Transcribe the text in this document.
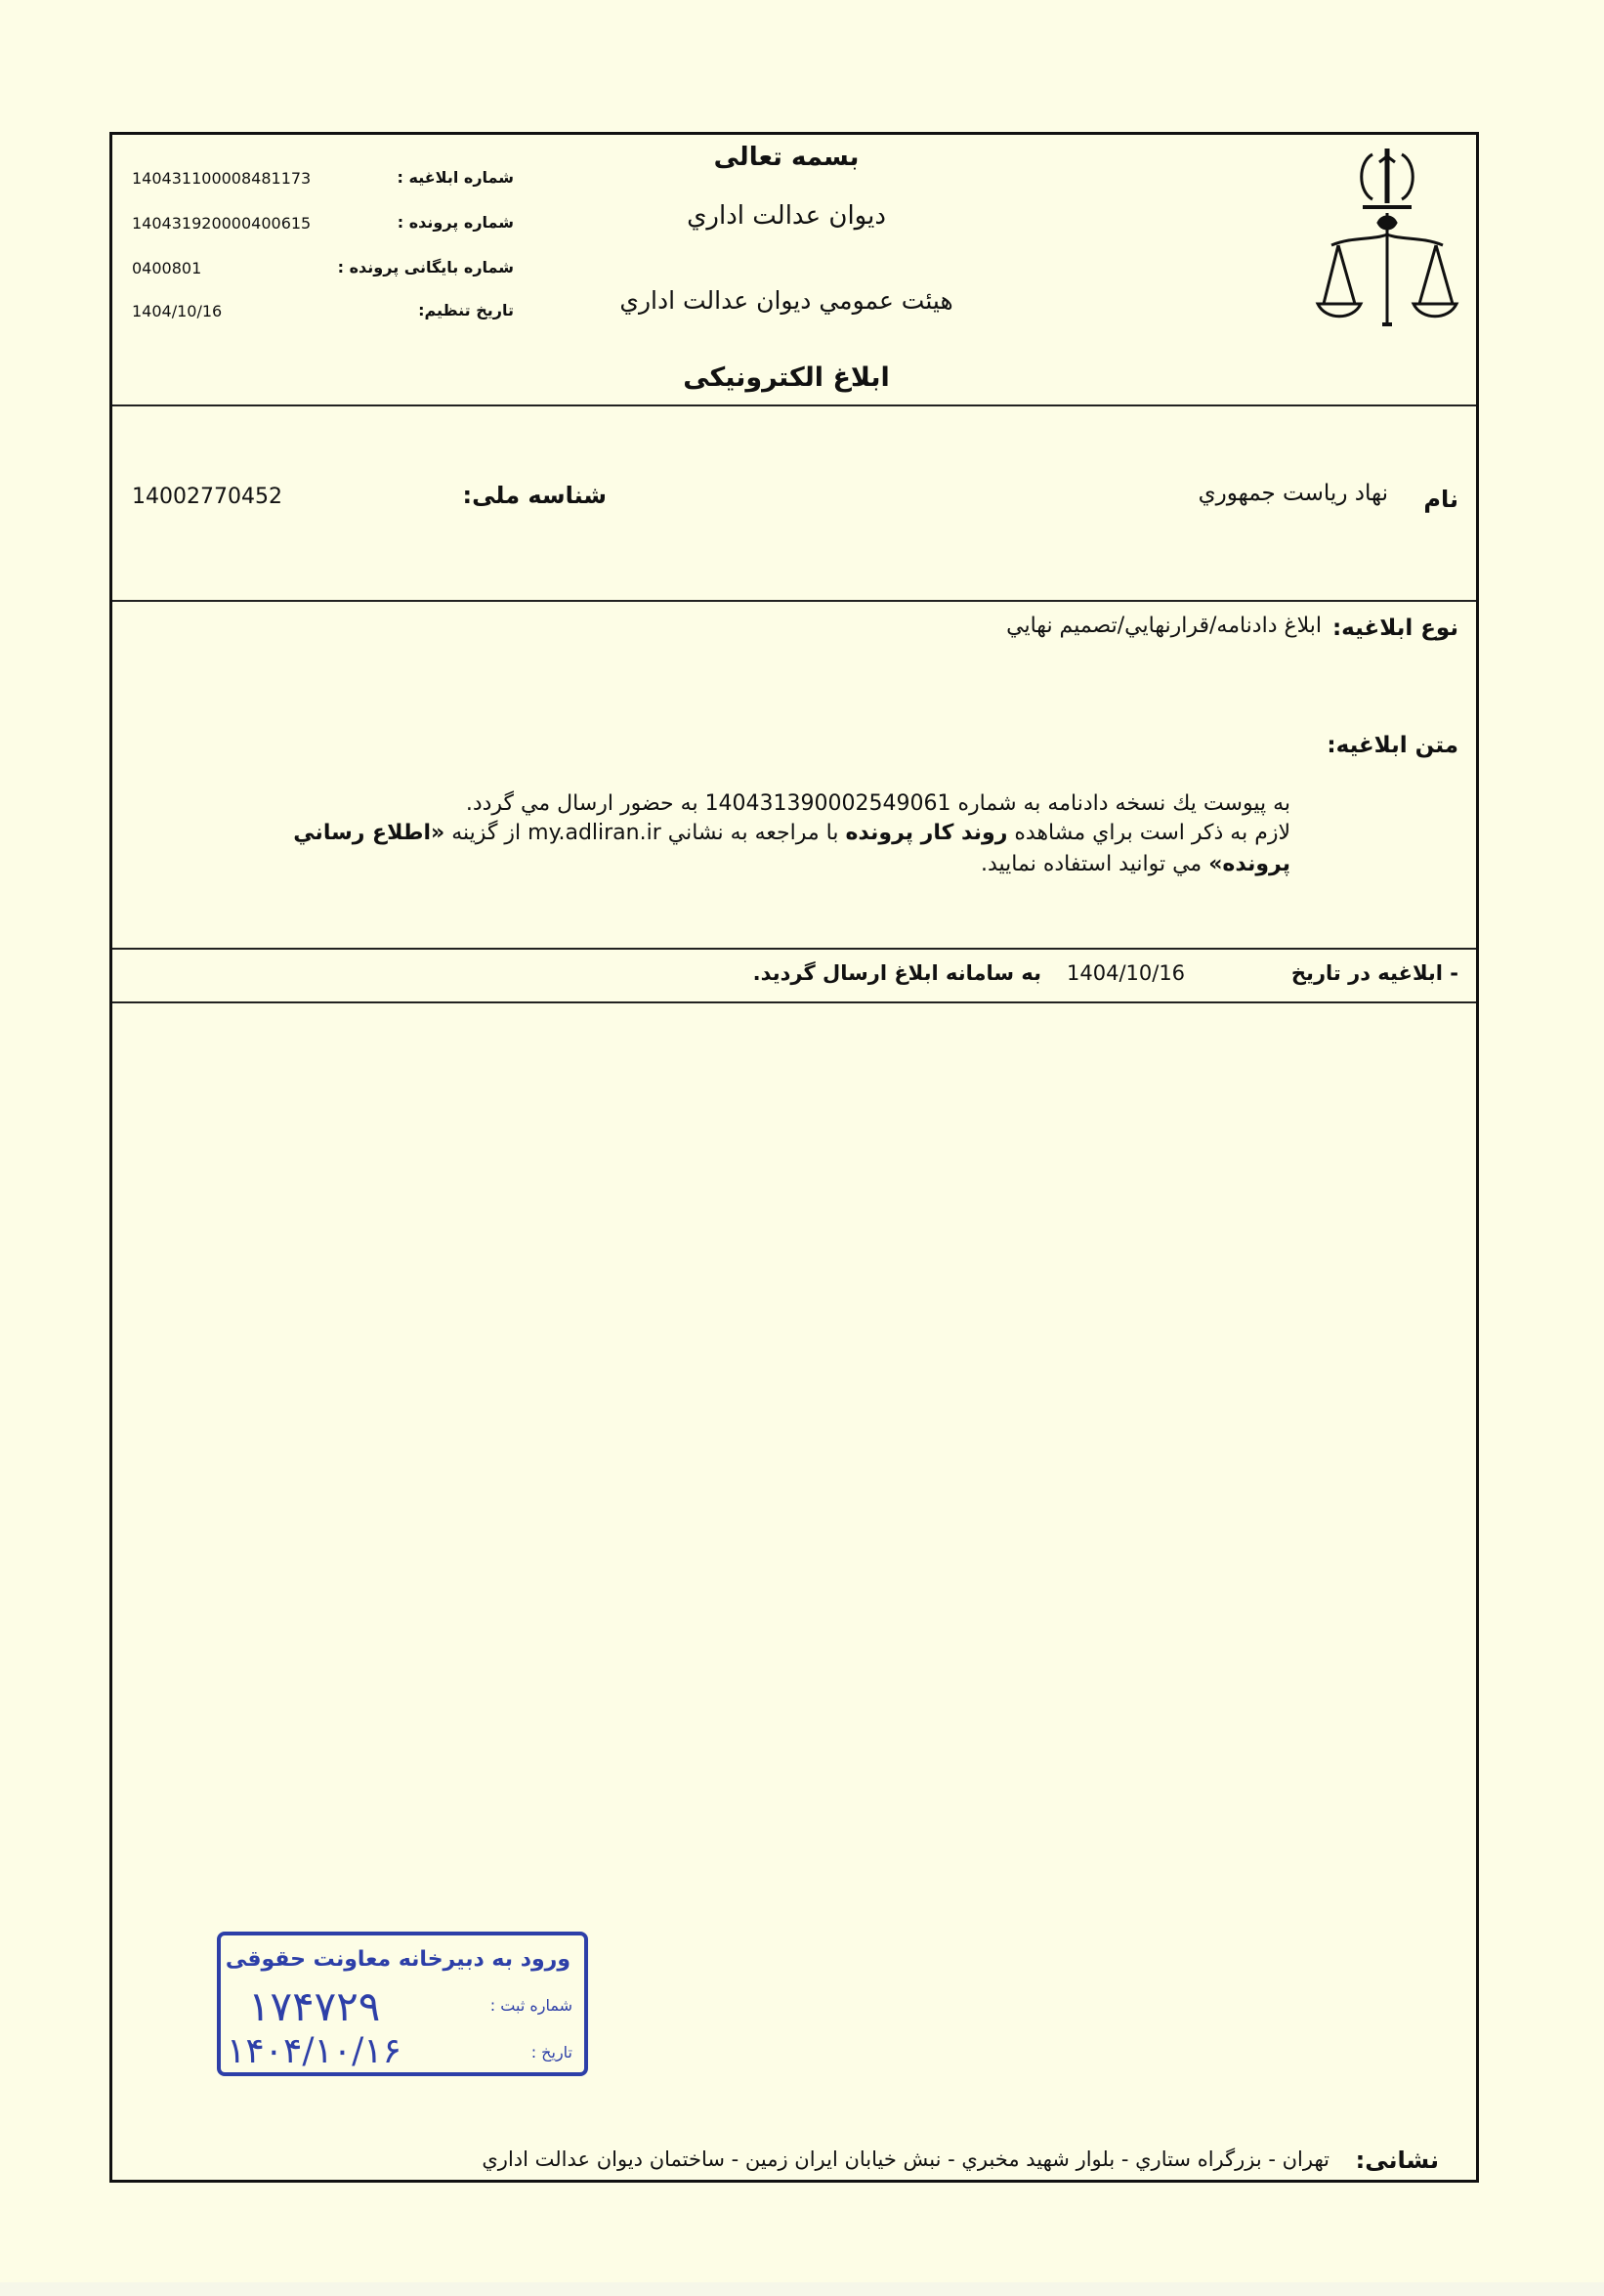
140431100008481173	شماره ابلاغیه :
140431920000400615	شماره پرونده :
0400801	شماره بایگانی پرونده :
1404/10/16	تاریخ تنظیم:
بسمه تعالی
ديوان عدالت اداري
هیئت عمومي ديوان عدالت اداري
ابلاغ الکترونیکی
نام
نهاد رياست جمهوري
شناسه ملی:
14002770452
نوع ابلاغیه:
ابلاغ دادنامه/قرارنهايي/تصميم نهايي
متن ابلاغیه:
به پیوست یك نسخه دادنامه به شماره 140431390002549061 به حضور ارسال مي گردد.
لازم به ذکر است براي مشاهده روند کار پرونده با مراجعه به نشاني my.adliran.ir از گزینه «اطلاع رساني
پرونده» مي توانید استفاده نمایید.
- ابلاغیه در تاریخ
1404/10/16
به سامانه ابلاغ ارسال گردید.
نشانی:
تهران - بزرگراه ستاري - بلوار شهید مخبري - نبش خیابان ایران زمین - ساختمان ديوان عدالت اداري
ورود به دبیرخانه معاونت حقوقی
شماره ثبت :
۱۷۴۷۲۹
تاریخ :
۱۴۰۴/۱۰/۱۶
